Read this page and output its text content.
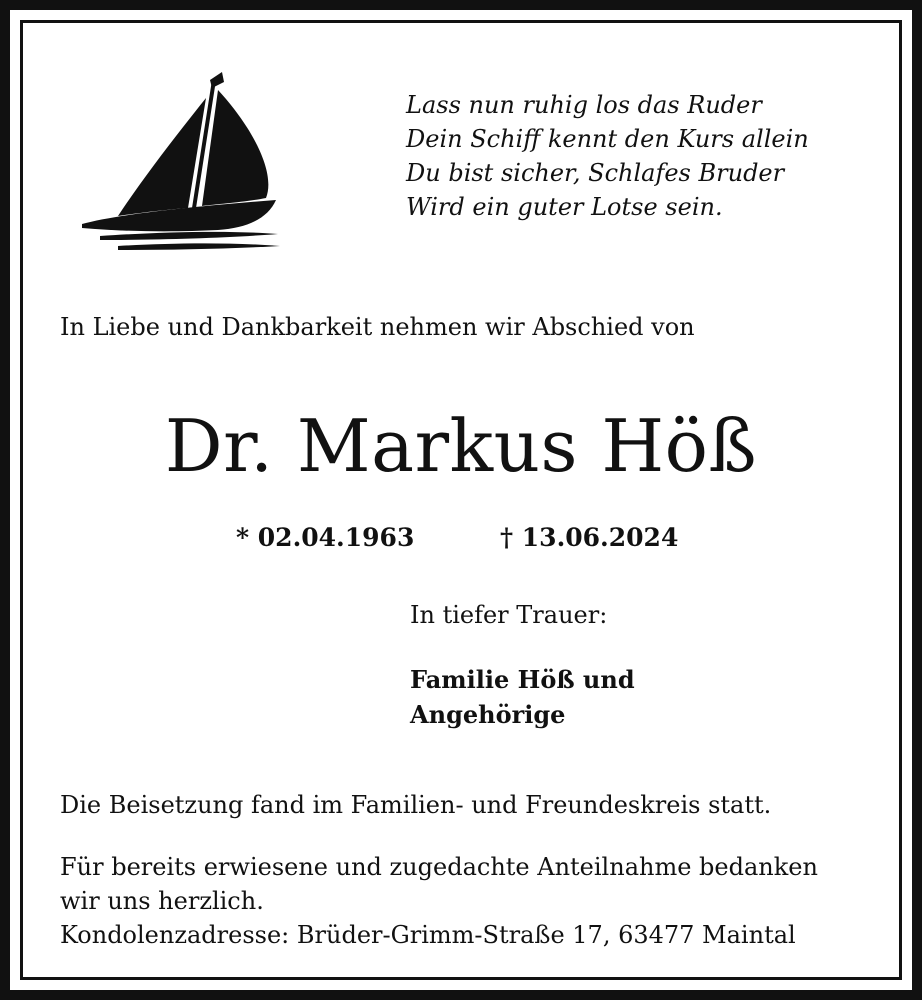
Lass nun ruhig los das Ruder
Dein Schiff kennt den Kurs allein
Du bist sicher, Schlafes Bruder
Wird ein guter Lotse sein.
In Liebe und Dankbarkeit nehmen wir Abschied von
Dr. Markus Höß
* 02.04.1963	† 13.06.2024
In tiefer Trauer:
Familie Höß und
Angehörige
Die Beisetzung fand im Familien- und Freundeskreis statt.
Für bereits erwiesene und zugedachte Anteilnahme bedanken
wir uns herzlich.
Kondolenzadresse: Brüder-Grimm-Straße 17, 63477 Maintal
